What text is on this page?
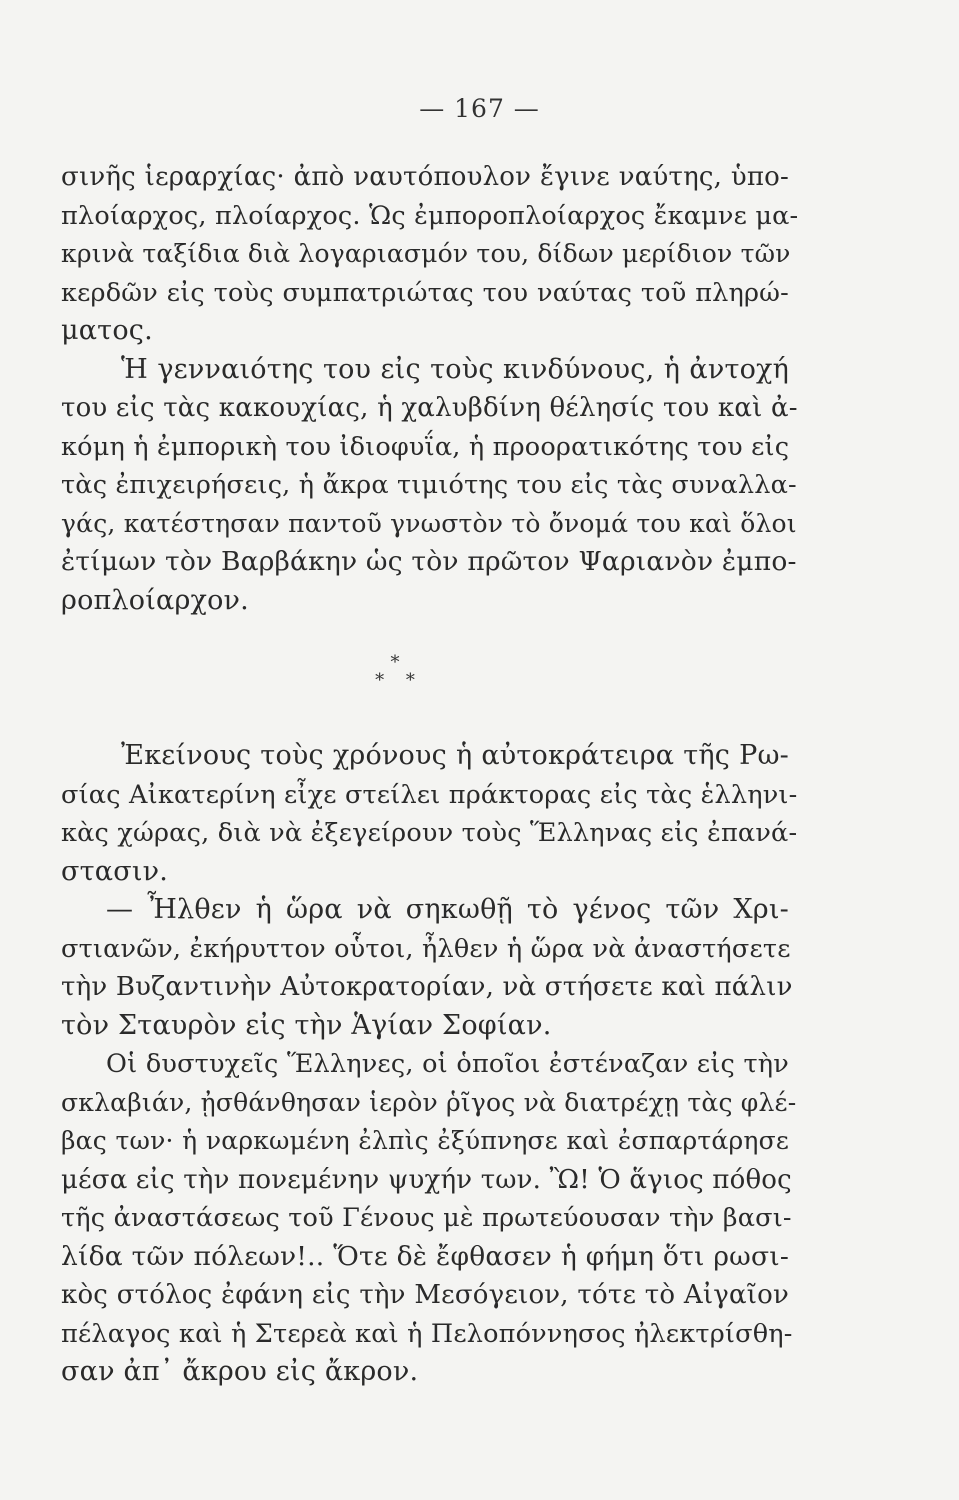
— 167 —
σινῆς ἱεραρχίας· ἀπὸ ναυτόπουλον ἔγινε ναύτης, ὑπο-
πλοίαρχος, πλοίαρχος. Ὡς ἐμποροπλοίαρχος ἔκαμνε μα-
κρινὰ ταξίδια διὰ λογαριασμόν του, δίδων μερίδιον τῶν
κερδῶν εἰς τοὺς συμπατριώτας του ναύτας τοῦ πληρώ-
ματος.
Ἡ γενναιότης του εἰς τοὺς κινδύνους, ἡ ἀντοχή
του εἰς τὰς κακουχίας, ἡ χαλυβδίνη θέλησίς του καὶ ἀ-
κόμη ἡ ἐμπορικὴ του ἰδιοφυΐα, ἡ προορατικότης του εἰς
τὰς ἐπιχειρήσεις, ἡ ἄκρα τιμιότης του εἰς τὰς συναλλα-
γάς, κατέστησαν παντοῦ γνωστὸν τὸ ὄνομά του καὶ ὅλοι
ἐτίμων τὸν Βαρβάκην ὡς τὸν πρῶτον Ψαριανὸν ἐμπο-
ροπλοίαρχον.
*
* *
Ἐκείνους τοὺς χρόνους ἡ αὐτοκράτειρα τῆς Ρω-
σίας Αἰκατερίνη εἶχε στείλει πράκτορας εἰς τὰς ἑλληνι-
κὰς χώρας, διὰ νὰ ἐξεγείρουν τοὺς Ἕλληνας εἰς ἐπανά-
στασιν.
— Ἦλθεν ἡ ὥρα νὰ σηκωθῇ τὸ γένος τῶν Χρι-
στιανῶν, ἐκήρυττον οὗτοι, ἦλθεν ἡ ὥρα νὰ ἀναστήσετε
τὴν Βυζαντινὴν Αὐτοκρατορίαν, νὰ στήσετε καὶ πάλιν
τὸν Σταυρὸν εἰς τὴν Ἁγίαν Σοφίαν.
Οἱ δυστυχεῖς Ἕλληνες, οἱ ὁποῖοι ἐστέναζαν εἰς τὴν
σκλαβιάν, ᾐσθάνθησαν ἱερὸν ῥῖγος νὰ διατρέχῃ τὰς φλέ-
βας των· ἡ ναρκωμένη ἐλπὶς ἐξύπνησε καὶ ἐσπαρτάρησε
μέσα εἰς τὴν πονεμένην ψυχήν των. Ὢ! Ὁ ἅγιος πόθος
τῆς ἀναστάσεως τοῦ Γένους μὲ πρωτεύουσαν τὴν βασι-
λίδα τῶν πόλεων!.. Ὅτε δὲ ἔφθασεν ἡ φήμη ὅτι ρωσι-
κὸς στόλος ἐφάνη εἰς τὴν Μεσόγειον, τότε τὸ Αἰγαῖον
πέλαγος καὶ ἡ Στερεὰ καὶ ἡ Πελοπόννησος ἠλεκτρίσθη-
σαν ἀπ᾽ ἄκρου εἰς ἄκρον.
